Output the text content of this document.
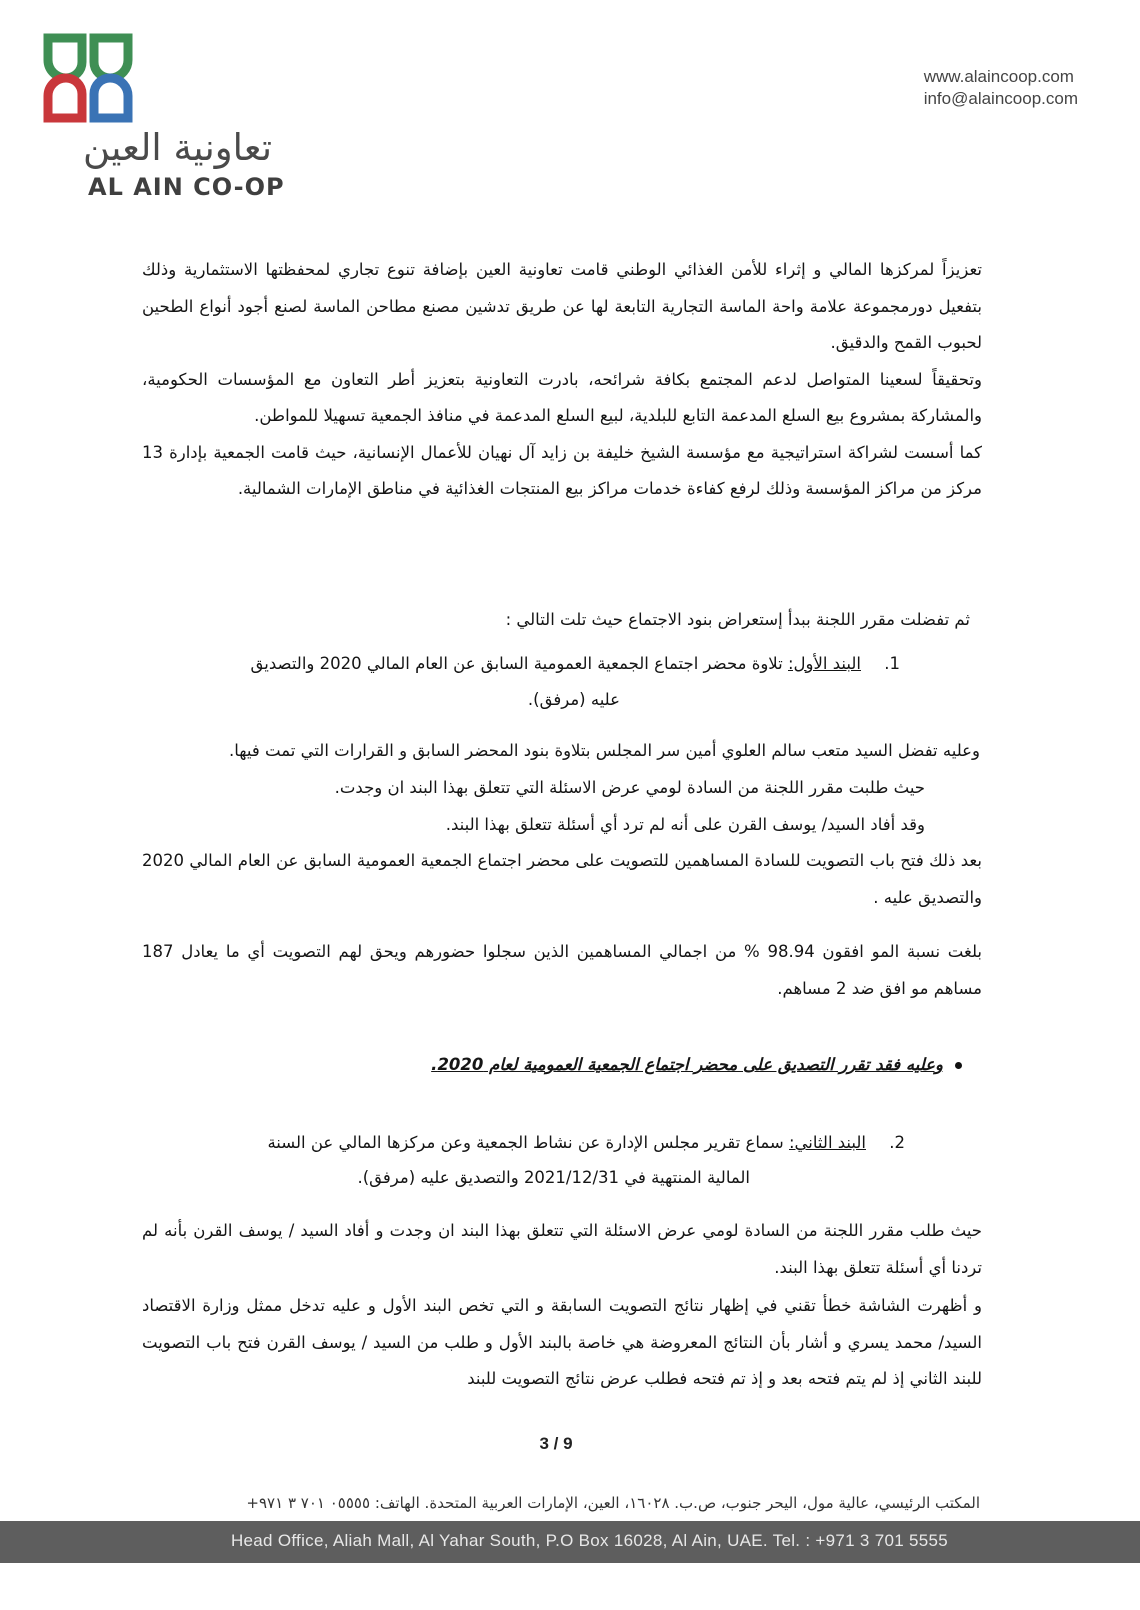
تعاونية العين
AL AIN CO-OP
www.alaincoop.com
info@alaincoop.com

تعزيزاً لمركزها المالي و إثراء للأمن الغذائي الوطني قامت تعاونية العين بإضافة تنوع تجاري لمحفظتها الاستثمارية وذلك بتفعيل دورمجموعة علامة واحة الماسة التجارية التابعة لها عن طريق تدشين مصنع مطاحن الماسة لصنع أجود أنواع الطحين لحبوب القمح والدقيق.

وتحقيقاً لسعينا المتواصل لدعم المجتمع بكافة شرائحه، بادرت التعاونية بتعزيز أطر التعاون مع المؤسسات الحكومية، والمشاركة بمشروع بيع السلع المدعمة التابع للبلدية، لبيع السلع المدعمة في منافذ الجمعية تسهيلا للمواطن.

كما أسست لشراكة استراتيجية مع مؤسسة الشيخ خليفة بن زايد آل نهيان للأعمال الإنسانية، حيث قامت الجمعية بإدارة 13 مركز من مراكز المؤسسة وذلك لرفع كفاءة خدمات مراكز بيع المنتجات الغذائية في مناطق الإمارات الشمالية.

ثم تفضلت مقرر اللجنة ببدأ إستعراض بنود الاجتماع حيث تلت التالي :
1. البند الأول: تلاوة محضر اجتماع الجمعية العمومية السابق عن العام المالي 2020 والتصديق
عليه (مرفق).
وعليه تفضل السيد متعب سالم العلوي أمين سر المجلس بتلاوة بنود المحضر السابق و القرارات التي تمت فيها.
حيث طلبت مقرر اللجنة من السادة لومي عرض الاسئلة التي تتعلق بهذا البند ان وجدت.
وقد أفاد السيد/ يوسف القرن على أنه لم ترد أي أسئلة تتعلق بهذا البند.
بعد ذلك فتح باب التصويت للسادة المساهمين للتصويت على محضر اجتماع الجمعية العمومية السابق عن العام المالي 2020 والتصديق عليه .
بلغت نسبة المو افقون 98.94 % من اجمالي المساهمين الذين سجلوا حضورهم ويحق لهم التصويت أي ما يعادل 187 مساهم مو افق ضد 2 مساهم.
وعليه فقد تقرر التصديق على محضر اجتماع الجمعية العمومية لعام 2020.
2. البند الثاني: سماع تقرير مجلس الإدارة عن نشاط الجمعية وعن مركزها المالي عن السنة
المالية المنتهية في 2021/12/31 والتصديق عليه (مرفق).
حيث طلب مقرر اللجنة من السادة لومي عرض الاسئلة التي تتعلق بهذا البند ان وجدت و أفاد السيد / يوسف القرن بأنه لم تردنا أي أسئلة تتعلق بهذا البند.
و أظهرت الشاشة خطأ تقني في إظهار نتائج التصويت السابقة و التي تخص البند الأول و عليه تدخل ممثل وزارة الاقتصاد السيد/ محمد يسري و أشار بأن النتائج المعروضة هي خاصة بالبند الأول و طلب من السيد / يوسف القرن فتح باب التصويت للبند الثاني إذ لم يتم فتحه بعد و إذ تم فتحه فطلب عرض نتائج التصويت للبند
3 / 9
المكتب الرئيسي، عالية مول، اليحر جنوب، ص.ب. ١٦٠٢٨، العين، الإمارات العربية المتحدة. الهاتف: ٠٥٥٥٥ ٧٠١ ٣ ٩٧١+
Head Office, Aliah Mall, Al Yahar South, P.O Box 16028, Al Ain, UAE. Tel. : +971 3 701 5555
